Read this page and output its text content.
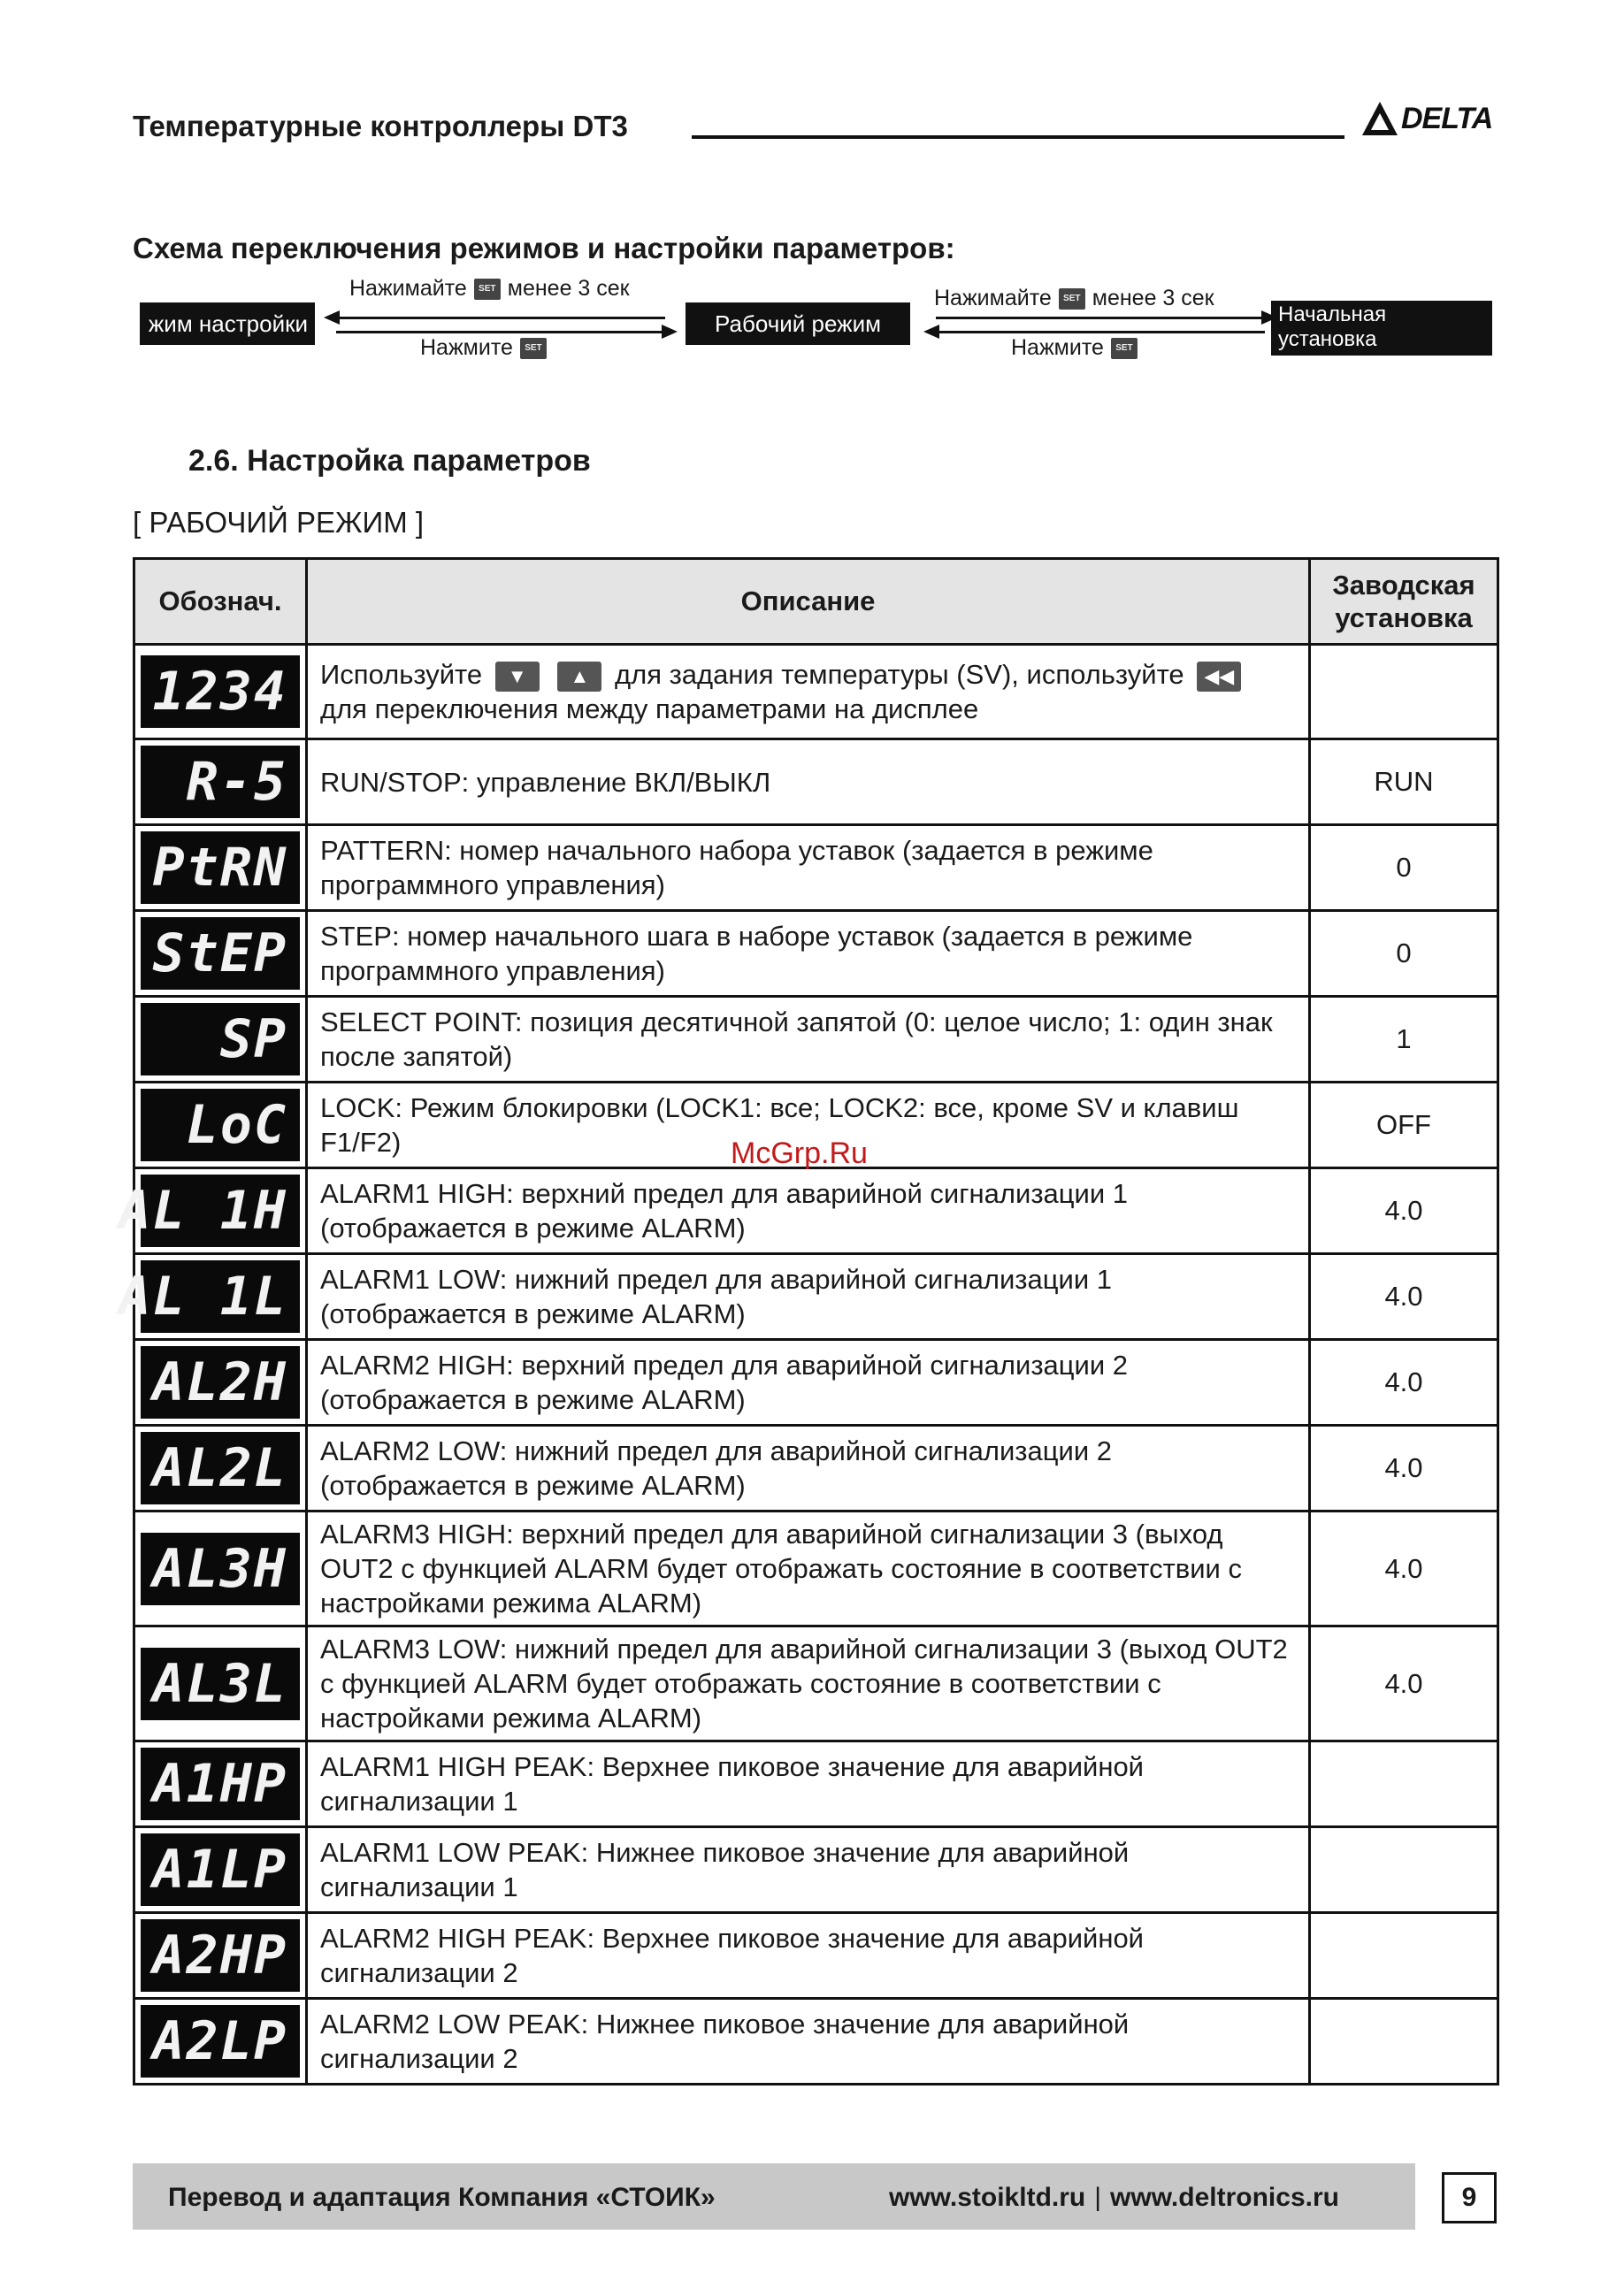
Температурные контроллеры DT3	DELTA
Схема переключения режимов и настройки параметров:
жим настройки	Рабочий режим	Начальная установка параметров
Нажимайте	SET менее 3 сек
Нажмите	SET
Нажимайте	SET менее 3 сек
Нажмите	SET
2.6. Настройка параметров
[ РАБОЧИЙ РЕЖИМ ]
Обознач.	Описание	Заводская установка

1234	Используйте ▼ ▲ для задания температуры (SV), используйте ◀◀ для переключения между параметрами на дисплее	

R-5	RUN/STOP: управление ВКЛ/ВЫКЛ	RUN

PtRN	PATTERN: номер начального набора уставок (задается в режиме программного управления)	0

StEP	STEP: номер начального шага в наборе уставок (задается в режиме программного управления)	0

SP	SELECT POINT: позиция десятичной запятой (0: целое число; 1: один знак после запятой)	1

LoC	LOCK: Режим блокировки (LOCK1: все; LOCK2: все, кроме SV и клавиш F1/F2)	OFF

AL 1H	ALARM1 HIGH: верхний предел для аварийной сигнализации 1 (отображается в режиме ALARM)	4.0

AL 1L	ALARM1 LOW: нижний предел для аварийной сигнализации 1 (отображается в режиме ALARM)	4.0

AL2H	ALARM2 HIGH: верхний предел для аварийной сигнализации 2 (отображается в режиме ALARM)	4.0

AL2L	ALARM2 LOW: нижний предел для аварийной сигнализации 2 (отображается в режиме ALARM)	4.0

AL3H	ALARM3 HIGH: верхний предел для аварийной сигнализации 3 (выход OUT2 с функцией ALARM будет отображать состояние в соответствии с настройками режима ALARM)	4.0

AL3L	ALARM3 LOW: нижний предел для аварийной сигнализации 3 (выход OUT2 с функцией ALARM будет отображать состояние в соответствии с настройками режима ALARM)	4.0

A1HP	ALARM1 HIGH PEAK: Верхнее пиковое значение для аварийной сигнализации 1	

A1LP	ALARM1 LOW PEAK: Нижнее пиковое значение для аварийной сигнализации 1	

A2HP	ALARM2 HIGH PEAK: Верхнее пиковое значение для аварийной сигнализации 2	

A2LP	ALARM2 LOW PEAK: Нижнее пиковое значение для аварийной сигнализации 2	
McGrp.Ru
Перевод и адаптация Компания «СТОИК»	www.stoikltd.ru | www.deltronics.ru	9
